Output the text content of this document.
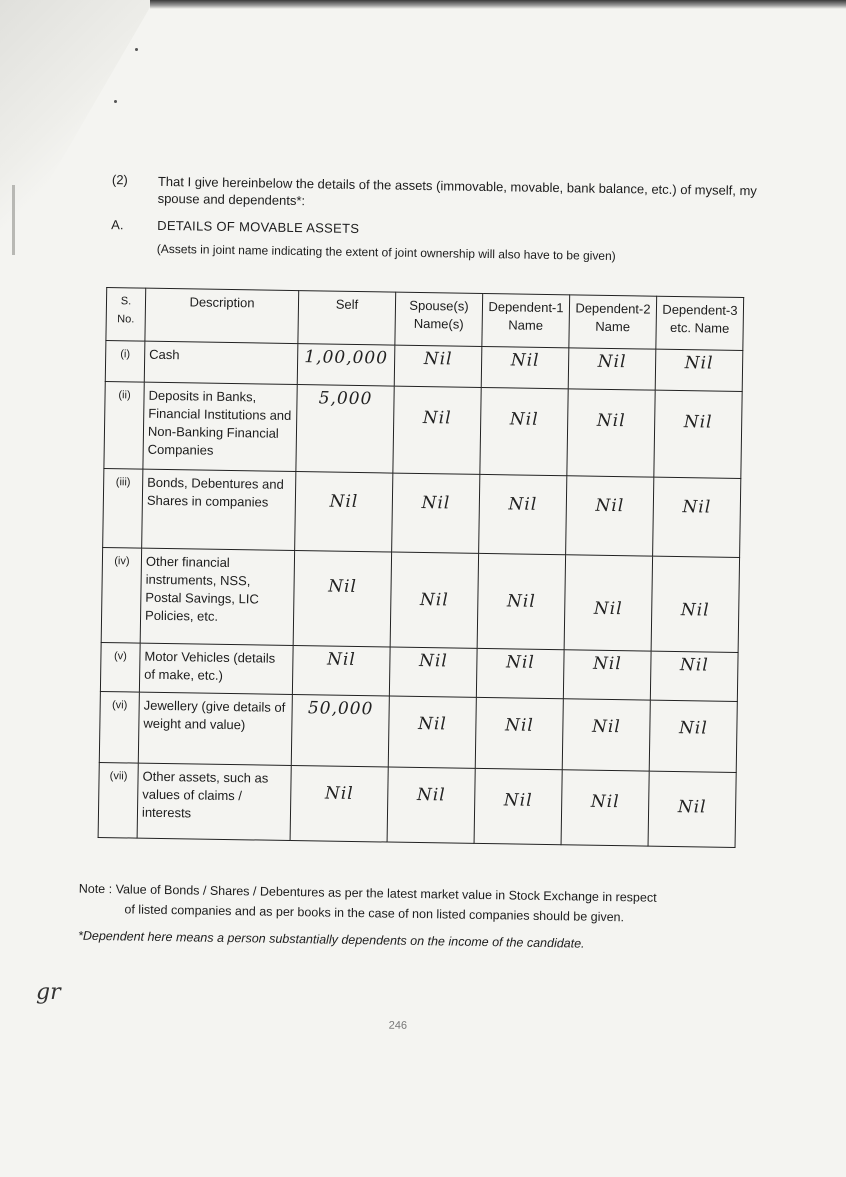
(2) That I give hereinbelow the details of the assets (immovable, movable, bank balance, etc.) of myself, my spouse and dependents*:
A.	DETAILS OF MOVABLE ASSETS
(Assets in joint name indicating the extent of joint ownership will also have to be given)
S. No.	Description	Self	Spouse(s) Name(s)	Dependent-1 Name	Dependent-2 Name	Dependent-3 etc. Name
(i)	Cash	1,00,000	Nil	Nil	Nil	Nil

(ii)	Deposits in Banks, Financial Institutions and Non-Banking Financial Companies	5,000	Nil	Nil	Nil	Nil

(iii)	Bonds, Debentures and Shares in companies	Nil	Nil	Nil	Nil	Nil

(iv)	Other financial instruments, NSS, Postal Savings, LIC Policies, etc.	Nil	Nil	Nil	Nil	Nil

(v)	Motor Vehicles (details of make, etc.)	Nil	Nil	Nil	Nil	Nil

(vi)	Jewellery (give details of weight and value)	50,000	Nil	Nil	Nil	Nil

(vii)	Other assets, such as values of claims / interests	Nil	Nil	Nil	Nil	Nil
Note : Value of Bonds / Shares / Debentures as per the latest market value in Stock Exchange in respect
of listed companies and as per books in the case of non listed companies should be given.
*Dependent here means a person substantially dependents on the income of the candidate.
246
gr
